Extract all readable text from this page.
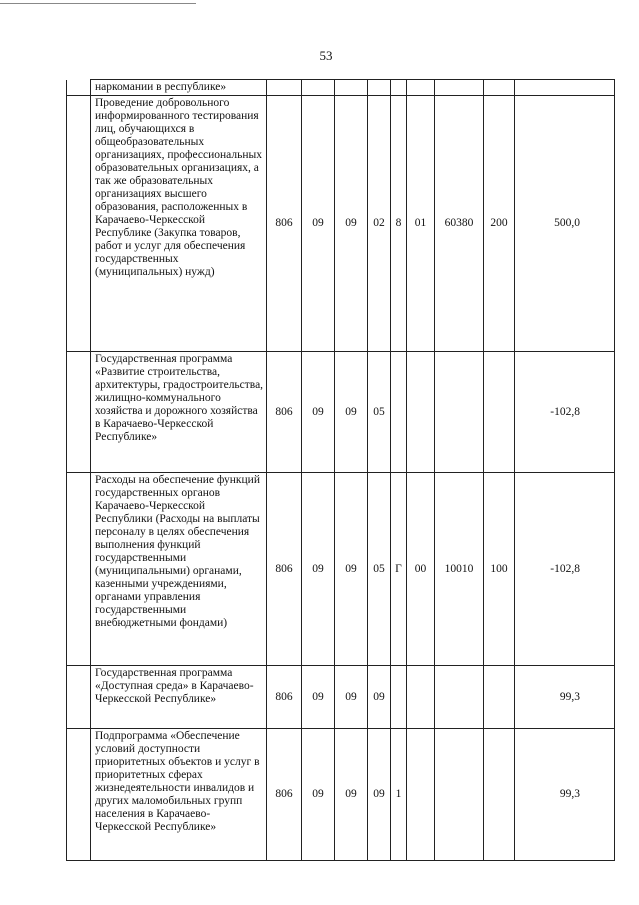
53
	наркомании в республике»									
	Проведение добровольного информированного тестирования лиц, обучающихся в общеобразовательных организациях, профессиональных образовательных организациях, а так же образовательных организациях высшего образования, расположенных в Карачаево-Черкесской Республике (Закупка товаров, работ и услуг для обеспечения государственных (муниципальных) нужд)	806	09	09	02	8	01	60380	200	500,0
	Государственная программа «Развитие строительства, архитектуры, градостроительства, жилищно-коммунального хозяйства и дорожного хозяйства в Карачаево-Черкесской Республике»	806	09	09	05					-102,8
	Расходы на обеспечение функций государственных органов Карачаево-Черкесской Республики (Расходы на выплаты персоналу в целях обеспечения выполнения функций государственными (муниципальными) органами, казенными учреждениями, органами управления государственными внебюджетными фондами)	806	09	09	05	Г	00	10010	100	-102,8
	Государственная программа «Доступная среда» в Карачаево-Черкесской Республике»	806	09	09	09					99,3
	Подпрограмма «Обеспечение условий доступности приоритетных объектов и услуг в приоритетных сферах жизнедеятельности инвалидов и других маломобильных групп населения в Карачаево-Черкесской Республике»	806	09	09	09	1				99,3
